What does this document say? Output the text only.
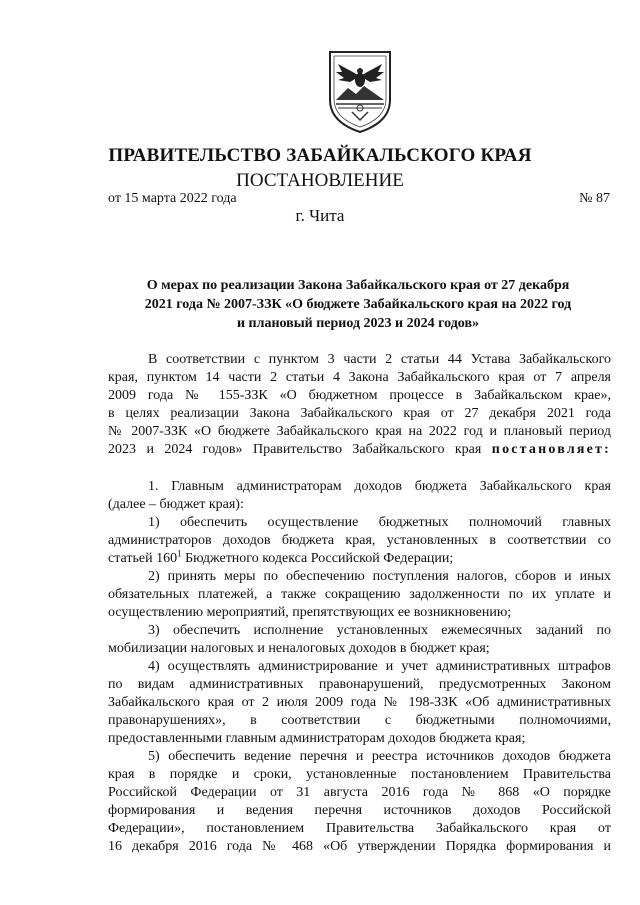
ПРАВИТЕЛЬСТВО ЗАБАЙКАЛЬСКОГО КРАЯ
ПОСТАНОВЛЕНИЕ
от 15 марта 2022 года	№ 87
г. Чита
О мерах по реализации Закона Забайкальского края от 27 декабря
2021 года № 2007-ЗЗК «О бюджете Забайкальского края на 2022 год
и плановый период 2023 и 2024 годов»
В соответствии с пунктом 3 части 2 статьи 44 Устава Забайкальского
края, пунктом 14 части 2 статьи 4 Закона Забайкальского края от 7 апреля
2009 года № 155-ЗЗК «О бюджетном процессе в Забайкальском крае»,
в целях реализации Закона Забайкальского края от 27 декабря 2021 года
№ 2007-ЗЗК «О бюджете Забайкальского края на 2022 год и плановый период
2023 и 2024 годов» Правительство Забайкальского края постановляет:
1. Главным администраторам доходов бюджета Забайкальского края
(далее – бюджет края):
1) обеспечить осуществление бюджетных полномочий главных
администраторов доходов бюджета края, установленных в соответствии со
статьей $160^1$ Бюджетного кодекса Российской Федерации;
2) принять меры по обеспечению поступления налогов, сборов и иных
обязательных платежей, а также сокращению задолженности по их уплате и
осуществлению мероприятий, препятствующих ее возникновению;
3) обеспечить исполнение установленных ежемесячных заданий по
мобилизации налоговых и неналоговых доходов в бюджет края;
4) осуществлять администрирование и учет административных штрафов
по видам административных правонарушений, предусмотренных Законом
Забайкальского края от 2 июля 2009 года № 198-ЗЗК «Об административных
правонарушениях», в соответствии с бюджетными полномочиями,
предоставленными главным администраторам доходов бюджета края;
5) обеспечить ведение перечня и реестра источников доходов бюджета
края в порядке и сроки, установленные постановлением Правительства
Российской Федерации от 31 августа 2016 года № 868 «О порядке
формирования и ведения перечня источников доходов Российской
Федерации», постановлением Правительства Забайкальского края от
16 декабря 2016 года № 468 «Об утверждении Порядка формирования и
